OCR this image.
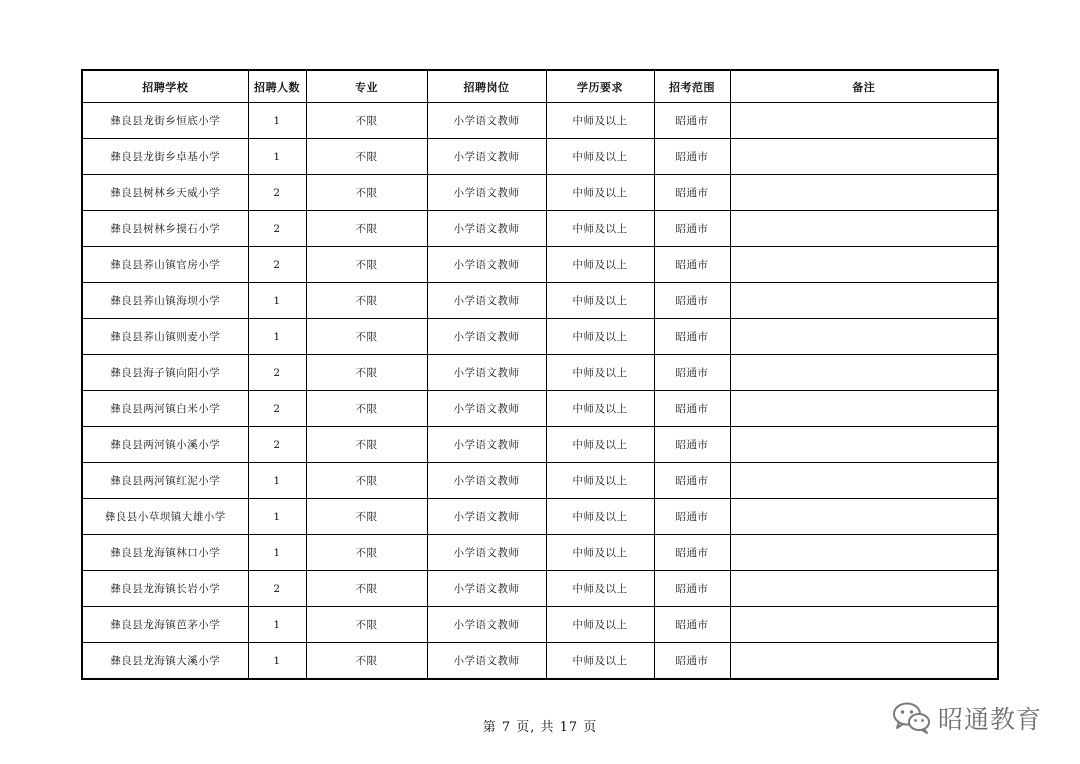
招聘学校	招聘人数	专业	招聘岗位	学历要求	招考范围	备注
彝良县龙街乡恒底小学	1	不限	小学语文教师	中师及以上	昭通市	
彝良县龙街乡卓基小学	1	不限	小学语文教师	中师及以上	昭通市	
彝良县树林乡天威小学	2	不限	小学语文教师	中师及以上	昭通市	
彝良县树林乡摸石小学	2	不限	小学语文教师	中师及以上	昭通市	
彝良县荞山镇官房小学	2	不限	小学语文教师	中师及以上	昭通市	
彝良县荞山镇海坝小学	1	不限	小学语文教师	中师及以上	昭通市	
彝良县荞山镇则麦小学	1	不限	小学语文教师	中师及以上	昭通市	
彝良县海子镇向阳小学	2	不限	小学语文教师	中师及以上	昭通市	
彝良县两河镇白米小学	2	不限	小学语文教师	中师及以上	昭通市	
彝良县两河镇小溪小学	2	不限	小学语文教师	中师及以上	昭通市	
彝良县两河镇红泥小学	1	不限	小学语文教师	中师及以上	昭通市	
彝良县小草坝镇大雄小学	1	不限	小学语文教师	中师及以上	昭通市	
彝良县龙海镇林口小学	1	不限	小学语文教师	中师及以上	昭通市	
彝良县龙海镇长岩小学	2	不限	小学语文教师	中师及以上	昭通市	
彝良县龙海镇芭茅小学	1	不限	小学语文教师	中师及以上	昭通市	
彝良县龙海镇大溪小学	1	不限	小学语文教师	中师及以上	昭通市	
第 7 页, 共 17 页	昭通教育
